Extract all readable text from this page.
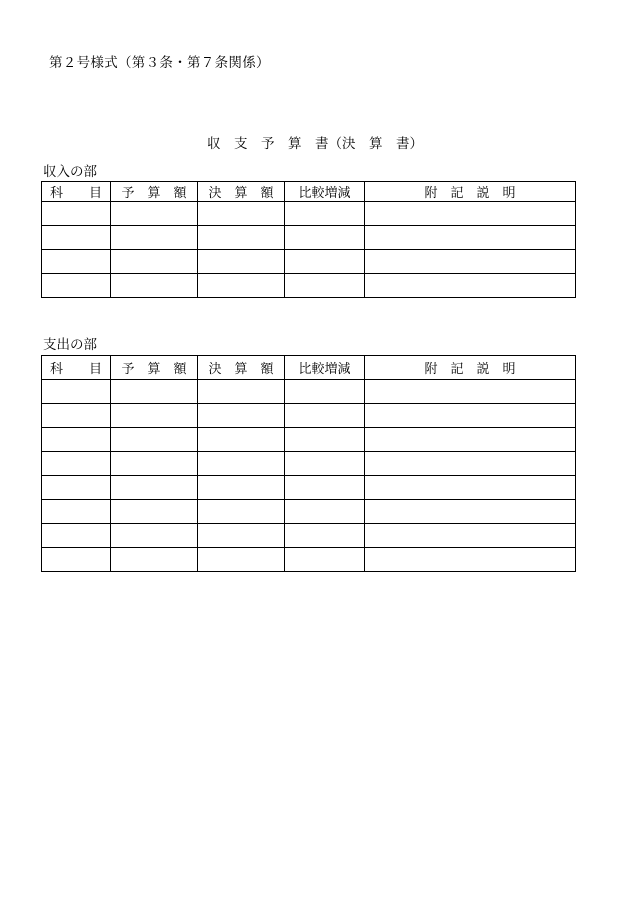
第２号様式（第３条・第７条関係）
収　支　予　算　書（決　算　書）
収入の部
科　　目	予　算　額	決　算　額	比較増減	附　記　説　明

支出の部
科　　目	予　算　額	決　算　額	比較増減	附　記　説　明
